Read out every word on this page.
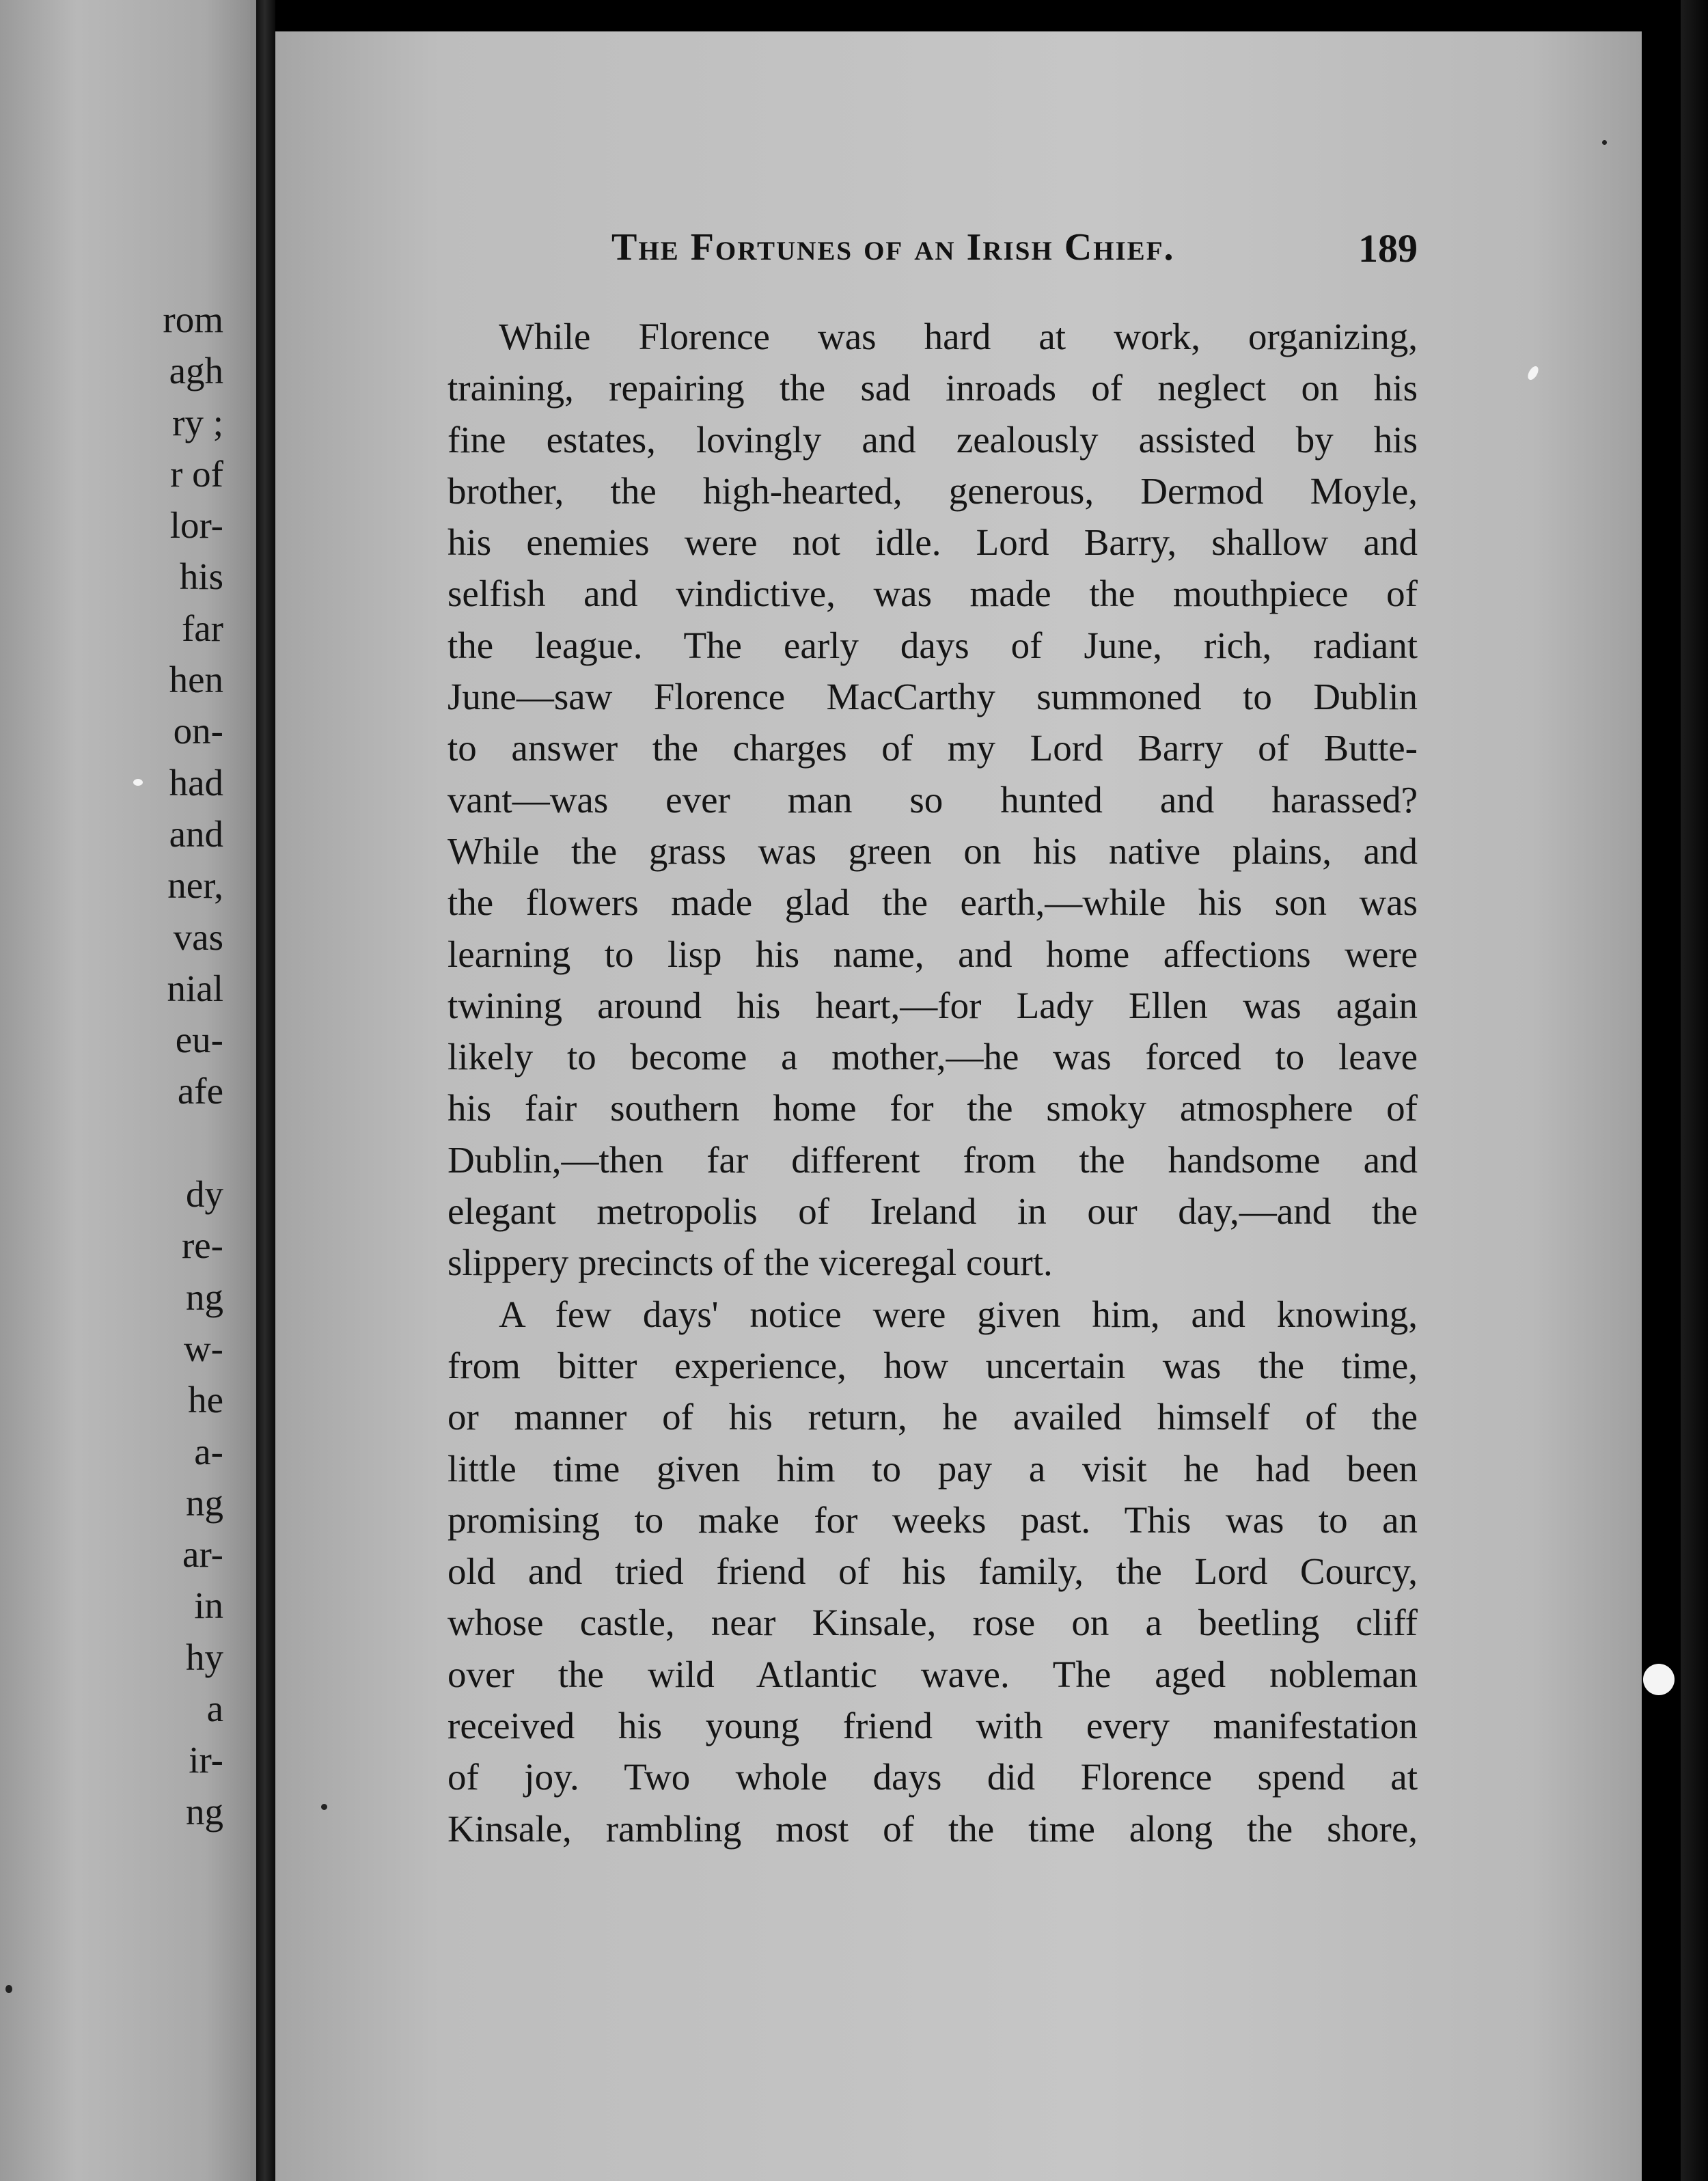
rom
agh
ry ;
r of
lor-
his
far
hen
on-
had
and
ner,
vas
nial
eu-
afe
dy
re-
ng
w-
he
a-
ng
ar-
in
hy
a
ir-
ng
The Fortunes of an Irish Chief.	189
While Florence was hard at work, organizing,
training, repairing the sad inroads of neglect on his
fine estates, lovingly and zealously assisted by his
brother, the high-hearted, generous, Dermod Moyle,
his enemies were not idle. Lord Barry, shallow and
selfish and vindictive, was made the mouthpiece of
the league. The early days of June, rich, radiant
June—saw Florence MacCarthy summoned to Dublin
to answer the charges of my Lord Barry of Butte-
vant—was ever man so hunted and harassed?
While the grass was green on his native plains, and
the flowers made glad the earth,—while his son was
learning to lisp his name, and home affections were
twining around his heart,—for Lady Ellen was again
likely to become a mother,—he was forced to leave
his fair southern home for the smoky atmosphere of
Dublin,—then far different from the handsome and
elegant metropolis of Ireland in our day,—and the
slippery precincts of the viceregal court.
A few days' notice were given him, and knowing,
from bitter experience, how uncertain was the time,
or manner of his return, he availed himself of the
little time given him to pay a visit he had been
promising to make for weeks past. This was to an
old and tried friend of his family, the Lord Courcy,
whose castle, near Kinsale, rose on a beetling cliff
over the wild Atlantic wave. The aged nobleman
received his young friend with every manifestation
of joy. Two whole days did Florence spend at
Kinsale, rambling most of the time along the shore,
